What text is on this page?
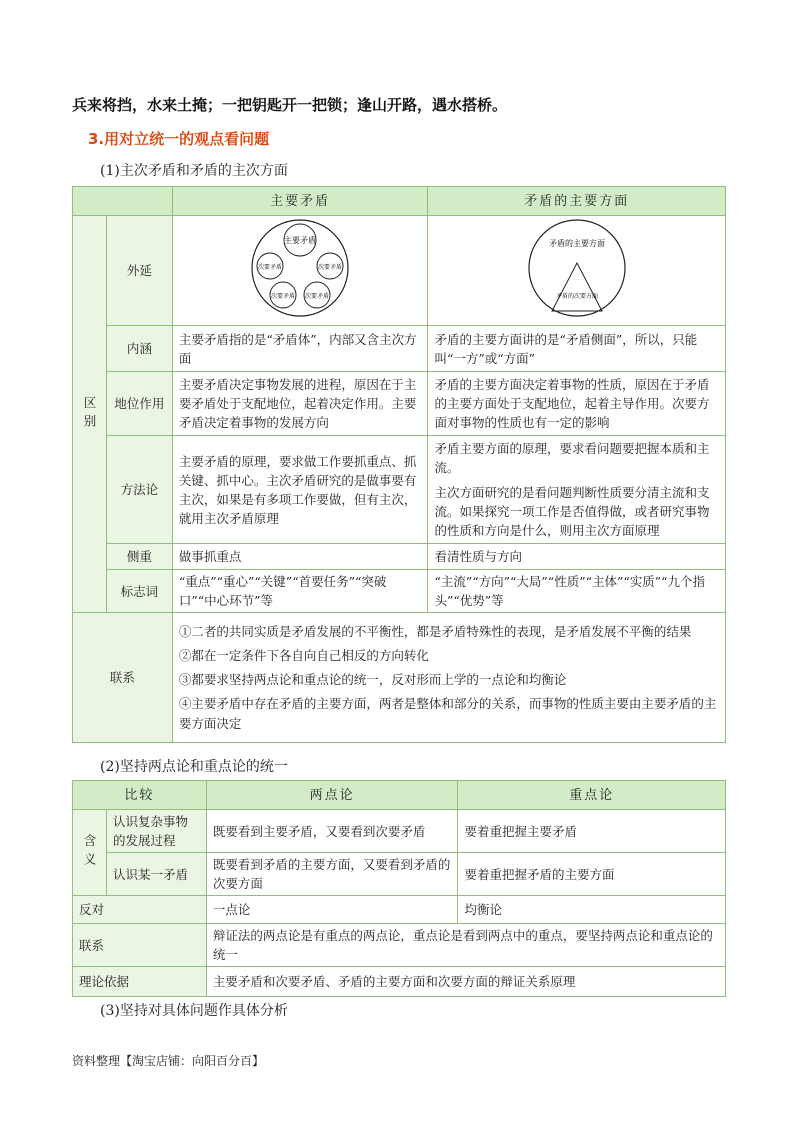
兵来将挡，水来土掩；一把钥匙开一把锁；逢山开路，遇水搭桥。
3.用对立统一的观点看问题
(1)主次矛盾和矛盾的主次方面
		主要矛盾	矛盾的主要方面
区别	外延	主要矛盾
次要矛盾 次要矛盾
次要矛盾 次要矛盾	矛盾的主要方面
矛盾的次要方面

	内涵	主要矛盾指的是“矛盾体”，内部又含主次方面	矛盾的主要方面讲的是“矛盾侧面”，所以，只能叫“一方”或“方面”
	地位作用	主要矛盾决定事物发展的进程，原因在于主要矛盾处于支配地位，起着决定作用。主要矛盾决定着事物的发展方向	矛盾的主要方面决定着事物的性质，原因在于矛盾的主要方面处于支配地位，起着主导作用。次要方面对事物的性质也有一定的影响
	方法论	主要矛盾的原理，要求做工作要抓重点、抓关键、抓中心。主次矛盾研究的是做事要有主次，如果是有多项工作要做，但有主次，就用主次矛盾原理	矛盾主要方面的原理，要求看问题要把握本质和主流。
主次方面研究的是看问题判断性质要分清主流和支流。如果探究一项工作是否值得做，或者研究事物的性质和方向是什么，则用主次方面原理

	侧重	做事抓重点	看清性质与方向
	标志词	“重点”“重心”“关键”“首要任务”“突破口”“中心环节”等	“主流”“方向”“大局”“性质”“主体”“实质”“九个指头”“优势”等
联系		①二者的共同实质是矛盾发展的不平衡性，都是矛盾特殊性的表现，是矛盾发展不平衡的结果
②都在一定条件下各自向自己相反的方向转化
③都要求坚持两点论和重点论的统一，反对形而上学的一点论和均衡论
④主要矛盾中存在矛盾的主要方面，两者是整体和部分的关系，而事物的性质主要由主要矛盾的主要方面决定	
(2)坚持两点论和重点论的统一
比较		两点论	重点论
含义	认识复杂事物的发展过程	既要看到主要矛盾，又要看到次要矛盾	要着重把握主要矛盾
	认识某一矛盾	既要看到矛盾的主要方面，又要看到矛盾的次要方面	要着重把握矛盾的主要方面
反对		一点论	均衡论
联系		辩证法的两点论是有重点的两点论，重点论是看到两点中的重点，要坚持两点论和重点论的统一	
理论依据		主要矛盾和次要矛盾、矛盾的主要方面和次要方面的辩证关系原理	
(3)坚持对具体问题作具体分析
资料整理【淘宝店铺：向阳百分百】
